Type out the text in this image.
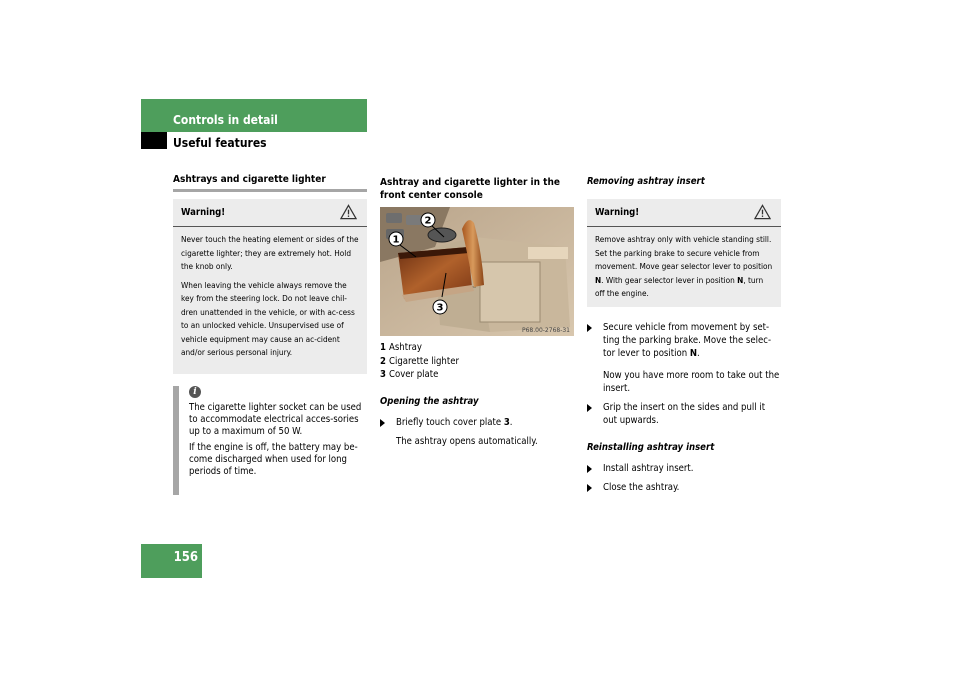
Controls in detail
Useful features
Ashtrays and cigarette lighter
Warning!

Never touch the heating element or sides of the cigarette lighter; they are extremely hot. Hold the knob only.

When leaving the vehicle always remove the key from the steering lock. Do not leave chil-dren unattended in the vehicle, or with ac-cess to an unlocked vehicle. Unsupervised use of vehicle equipment may cause an ac-cident and/or serious personal injury.

i

The cigarette lighter socket can be used to accommodate electrical acces-sories up to a maximum of 50 W.

If the engine is off, the battery may be-come discharged when used for long periods of time.

Ashtray and cigarette lighter in the front center console
1
2
3
P68.00-2768-31
1 Ashtray
2 Cigarette lighter
3 Cover plate
Opening the ashtray
Briefly touch cover plate 3.
The ashtray opens automatically.
Removing ashtray insert
Warning!

Remove ashtray only with vehicle standing still. Set the parking brake to secure vehicle from movement. Move gear selector lever to position N. With gear selector lever in position N, turn off the engine.

Secure vehicle from movement by set-ting the parking brake. Move the selec-tor lever to position N.
Now you have more room to take out the insert.
Grip the insert on the sides and pull it out upwards.
Reinstalling ashtray insert
Install ashtray insert.
Close the ashtray.
156
